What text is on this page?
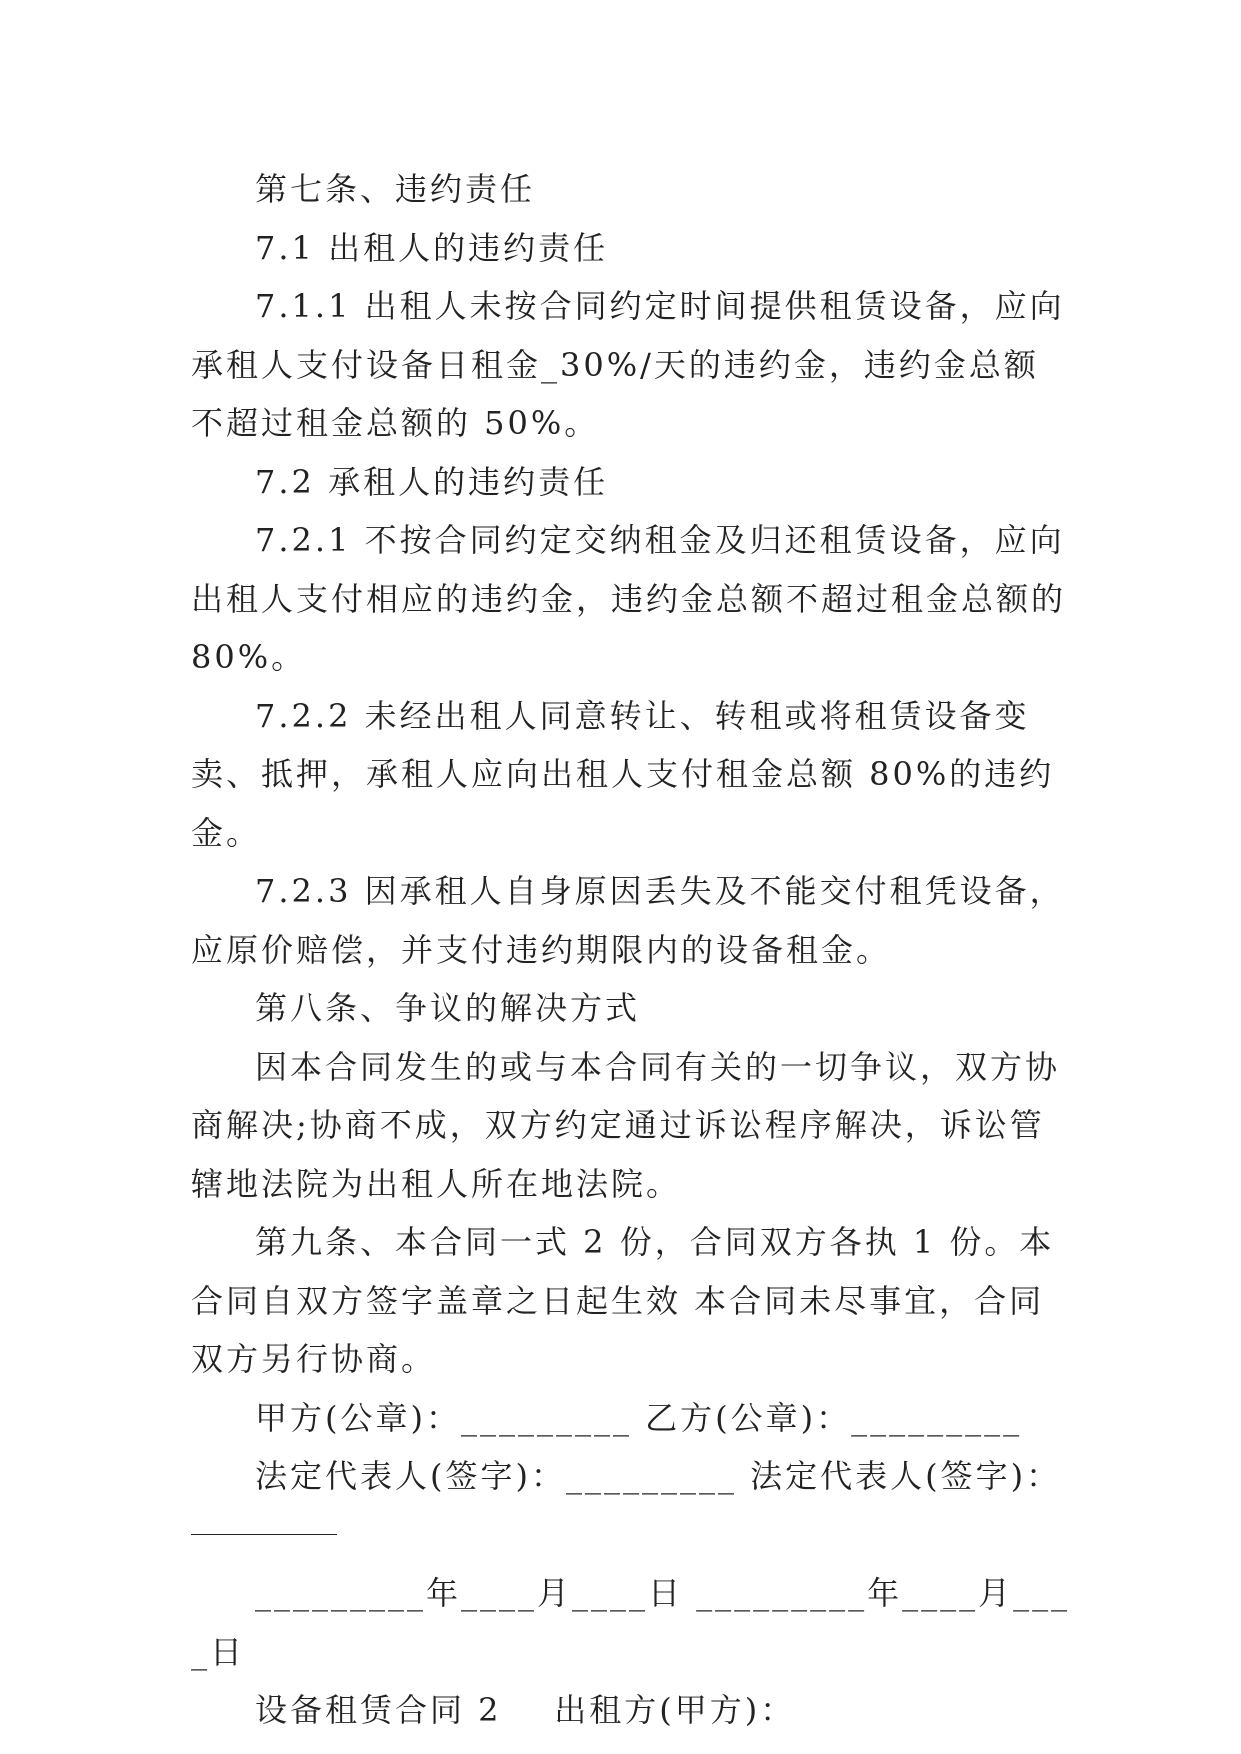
第七条、违约责任

7.1 出租人的违约责任

7.1.1 出租人未按合同约定时间提供租赁设备，应向承租人支付设备日租金_30%/天的违约金，违约金总额不超过租金总额的 50%。

7.2 承租人的违约责任

7.2.1 不按合同约定交纳租金及归还租赁设备，应向出租人支付相应的违约金，违约金总额不超过租金总额的 80%。

7.2.2 未经出租人同意转让、转租或将租赁设备变卖、抵押，承租人应向出租人支付租金总额 80%的违约金。

7.2.3 因承租人自身原因丢失及不能交付租凭设备，应原价赔偿，并支付违约期限内的设备租金。

第八条、争议的解决方式

因本合同发生的或与本合同有关的一切争议，双方协商解决;协商不成，双方约定通过诉讼程序解决，诉讼管辖地法院为出租人所在地法院。

第九条、本合同一式 2 份，合同双方各执 1 份。本合同自双方签字盖章之日起生效 本合同未尽事宜，合同双方另行协商。

甲方(公章)：_________ 乙方(公章)：_________

法定代表人(签字)：_________ 法定代表人(签字)：

_________年____月____日 _________年____月____日

设备租赁合同 2    出租方(甲方)：
